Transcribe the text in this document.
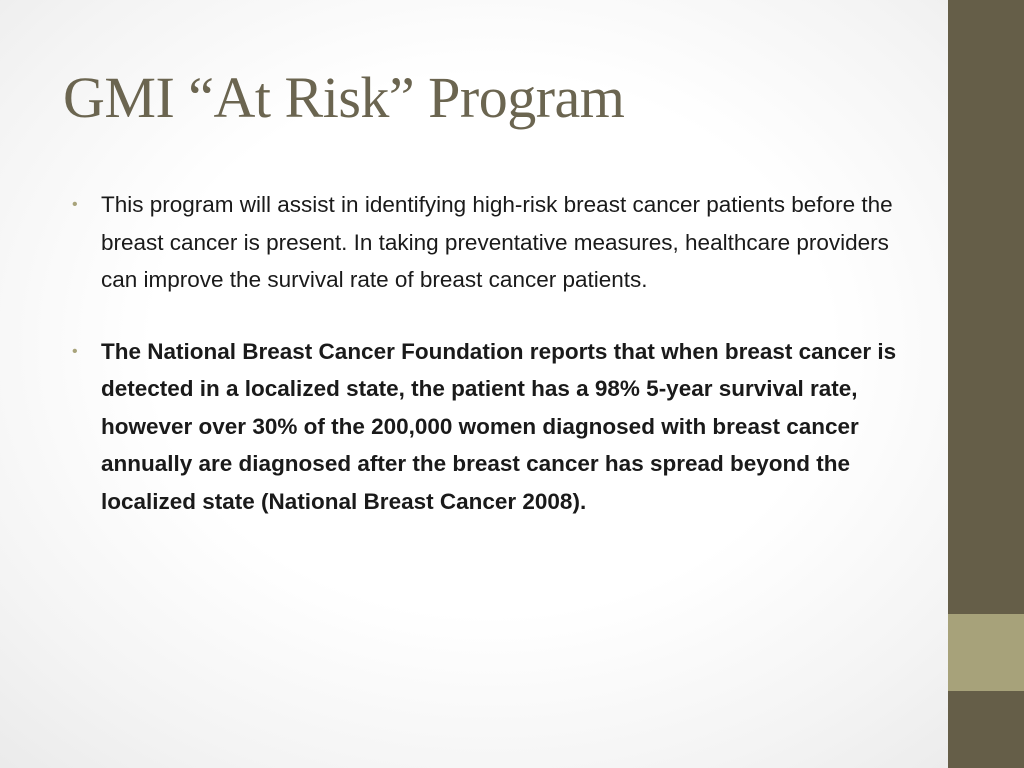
GMI “At Risk” Program
• This program will assist in identifying high-risk breast cancer patients before the breast cancer is present. In taking preventative measures, healthcare providers can improve the survival rate of breast cancer patients.
• The National Breast Cancer Foundation reports that when breast cancer is detected in a localized state, the patient has a 98% 5-year survival rate, however over 30% of the 200,000 women diagnosed with breast cancer annually are diagnosed after the breast cancer has spread beyond the localized state (National Breast Cancer 2008).
